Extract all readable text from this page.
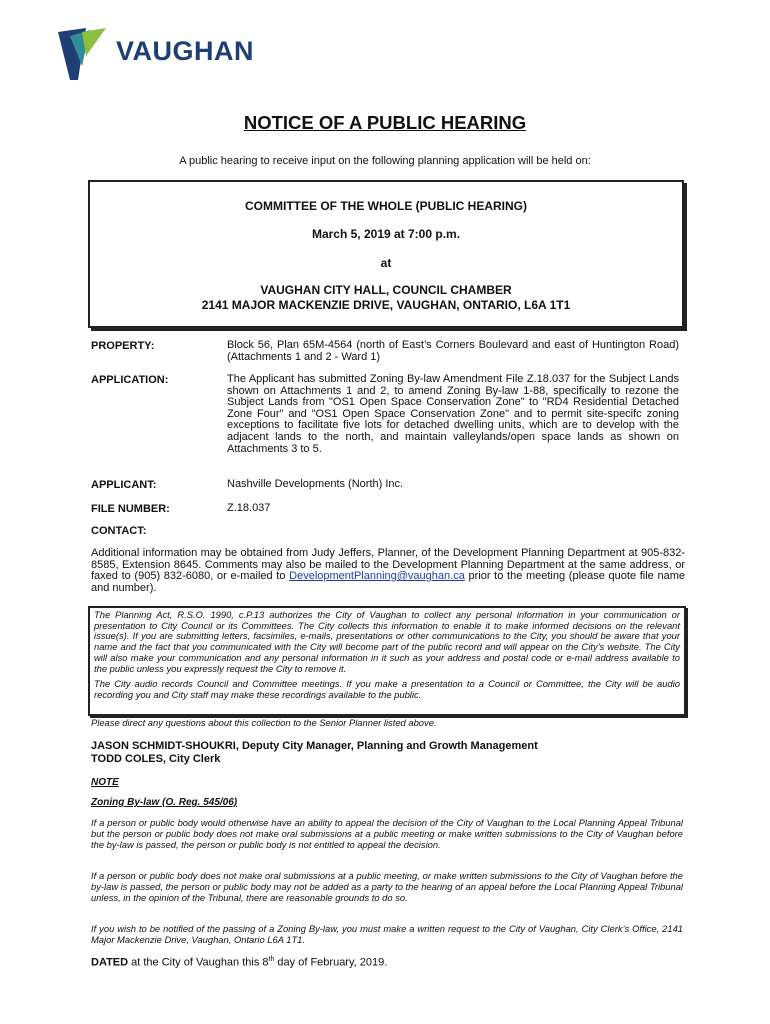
VAUGHAN
NOTICE OF A PUBLIC HEARING
A public hearing to receive input on the following planning application will be held on:
COMMITTEE OF THE WHOLE (PUBLIC HEARING)
March 5, 2019 at 7:00 p.m.
at
VAUGHAN CITY HALL, COUNCIL CHAMBER
2141 MAJOR MACKENZIE DRIVE, VAUGHAN, ONTARIO, L6A 1T1
PROPERTY:	Block 56, Plan 65M-4564 (north of East’s Corners Boulevard and east of Huntington Road) (Attachments 1 and 2 - Ward 1)
APPLICATION:	The Applicant has submitted Zoning By-law Amendment File Z.18.037 for the Subject Lands shown on Attachments 1 and 2, to amend Zoning By-law 1-88, specifically to rezone the Subject Lands from "OS1 Open Space Conservation Zone" to "RD4 Residential Detached Zone Four" and "OS1 Open Space Conservation Zone" and to permit site-specifc zoning exceptions to facilitate five lots for detached dwelling units, which are to develop with the adjacent lands to the north, and maintain valleylands/open space lands as shown on Attachments 3 to 5.
APPLICANT:	Nashville Developments (North) Inc.
FILE NUMBER:	Z.18.037
CONTACT:
Additional information may be obtained from Judy Jeffers, Planner, of the Development Planning Department at 905-832-8585, Extension 8645. Comments may also be mailed to the Development Planning Department at the same address, or faxed to (905) 832-6080, or e-mailed to DevelopmentPlanning@vaughan.ca prior to the meeting (please quote file name and number).

The Planning Act, R.S.O. 1990, c.P.13 authorizes the City of Vaughan to collect any personal information in your communication or presentation to City Council or its Committees. The City collects this information to enable it to make informed decisions on the relevant issue(s). If you are submitting letters, facsimiles, e-mails, presentations or other communications to the City, you should be aware that your name and the fact that you communicated with the City will become part of the public record and will appear on the City's website. The City will also make your communication and any personal information in it such as your address and postal code or e-mail address available to the public unless you expressly request the City to remove it.

The City audio records Council and Committee meetings. If you make a presentation to a Council or Committee, the City will be audio recording you and City staff may make these recordings available to the public.

Please direct any questions about this collection to the Senior Planner listed above.
JASON SCHMIDT-SHOUKRI, Deputy City Manager, Planning and Growth Management
TODD COLES, City Clerk
NOTE
Zoning By-law (O. Reg. 545/06)

If a person or public body would otherwise have an ability to appeal the decision of the City of Vaughan to the Local Planning Appeal Tribunal but the person or public body does not make oral submissions at a public meeting or make written submissions to the City of Vaughan before the by-law is passed, the person or public body is not entitled to appeal the decision.

If a person or public body does not make oral submissions at a public meeting, or make written submissions to the City of Vaughan before the by-law is passed, the person or public body may not be added as a party to the hearing of an appeal before the Local Planning Appeal Tribunal unless, in the opinion of the Tribunal, there are reasonable grounds to do so.

If you wish to be notified of the passing of a Zoning By-law, you must make a written request to the City of Vaughan, City Clerk’s Office, 2141 Major Mackenzie Drive, Vaughan, Ontario L6A 1T1.

DATED at the City of Vaughan this 8th day of February, 2019.
